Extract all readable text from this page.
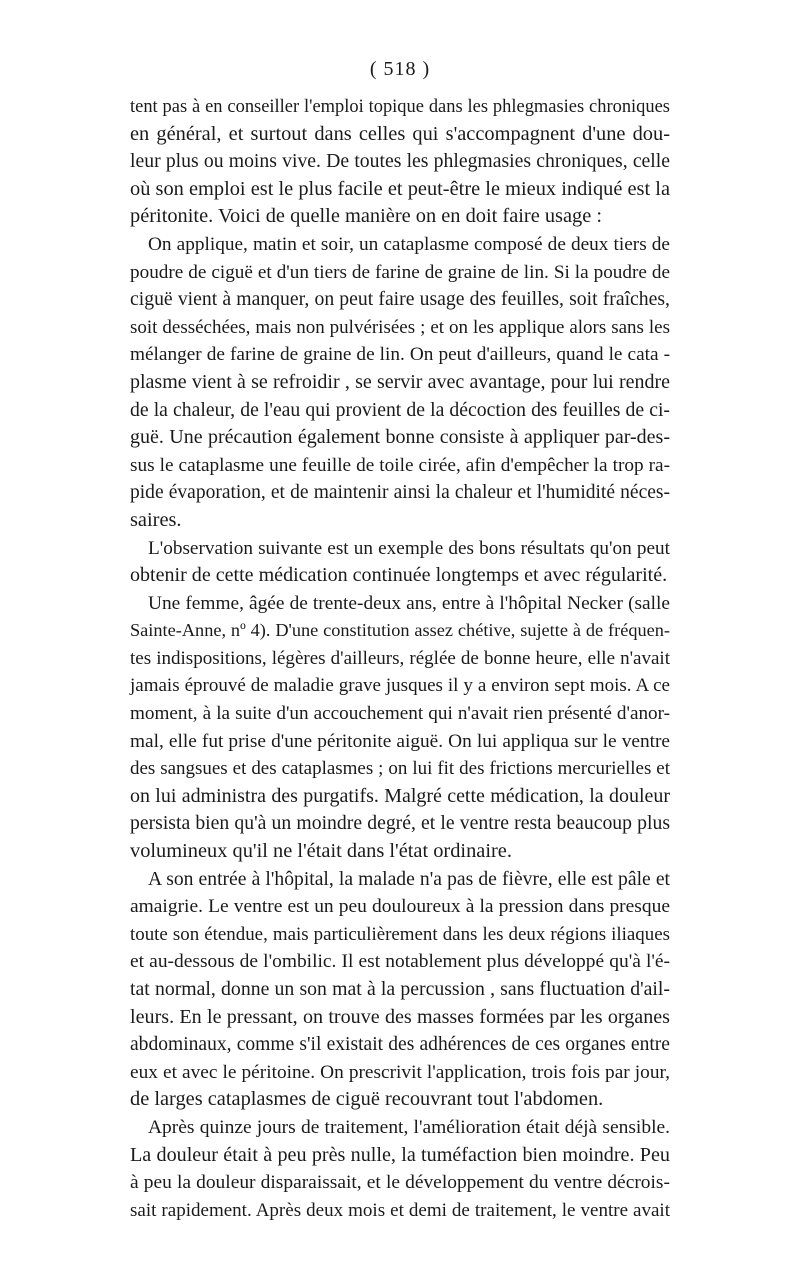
( 518 )
tent pas à en conseiller l'emploi topique dans les phlegmasies chroniques
en général, et surtout dans celles qui s'accompagnent d'une dou-
leur plus ou moins vive. De toutes les phlegmasies chroniques, celle
où son emploi est le plus facile et peut-être le mieux indiqué est la
péritonite. Voici de quelle manière on en doit faire usage :
On applique, matin et soir, un cataplasme composé de deux tiers de
poudre de ciguë et d'un tiers de farine de graine de lin. Si la poudre de
ciguë vient à manquer, on peut faire usage des feuilles, soit fraîches,
soit desséchées, mais non pulvérisées ; et on les applique alors sans les
mélanger de farine de graine de lin. On peut d'ailleurs, quand le cata -
plasme vient à se refroidir , se servir avec avantage, pour lui rendre
de la chaleur, de l'eau qui provient de la décoction des feuilles de ci-
guë. Une précaution également bonne consiste à appliquer par-des-
sus le cataplasme une feuille de toile cirée, afin d'empêcher la trop ra-
pide évaporation, et de maintenir ainsi la chaleur et l'humidité néces-
saires.
L'observation suivante est un exemple des bons résultats qu'on peut
obtenir de cette médication continuée longtemps et avec régularité.
Une femme, âgée de trente-deux ans, entre à l'hôpital Necker (salle
Sainte-Anne, nº 4). D'une constitution assez chétive, sujette à de fréquen-
tes indispositions, légères d'ailleurs, réglée de bonne heure, elle n'avait
jamais éprouvé de maladie grave jusques il y a environ sept mois. A ce
moment, à la suite d'un accouchement qui n'avait rien présenté d'anor-
mal, elle fut prise d'une péritonite aiguë. On lui appliqua sur le ventre
des sangsues et des cataplasmes ; on lui fit des frictions mercurielles et
on lui administra des purgatifs. Malgré cette médication, la douleur
persista bien qu'à un moindre degré, et le ventre resta beaucoup plus
volumineux qu'il ne l'était dans l'état ordinaire.
A son entrée à l'hôpital, la malade n'a pas de fièvre, elle est pâle et
amaigrie. Le ventre est un peu douloureux à la pression dans presque
toute son étendue, mais particulièrement dans les deux régions iliaques
et au-dessous de l'ombilic. Il est notablement plus développé qu'à l'é-
tat normal, donne un son mat à la percussion , sans fluctuation d'ail-
leurs. En le pressant, on trouve des masses formées par les organes
abdominaux, comme s'il existait des adhérences de ces organes entre
eux et avec le péritoine. On prescrivit l'application, trois fois par jour,
de larges cataplasmes de ciguë recouvrant tout l'abdomen.
Après quinze jours de traitement, l'amélioration était déjà sensible.
La douleur était à peu près nulle, la tuméfaction bien moindre. Peu
à peu la douleur disparaissait, et le développement du ventre décrois-
sait rapidement. Après deux mois et demi de traitement, le ventre avait
